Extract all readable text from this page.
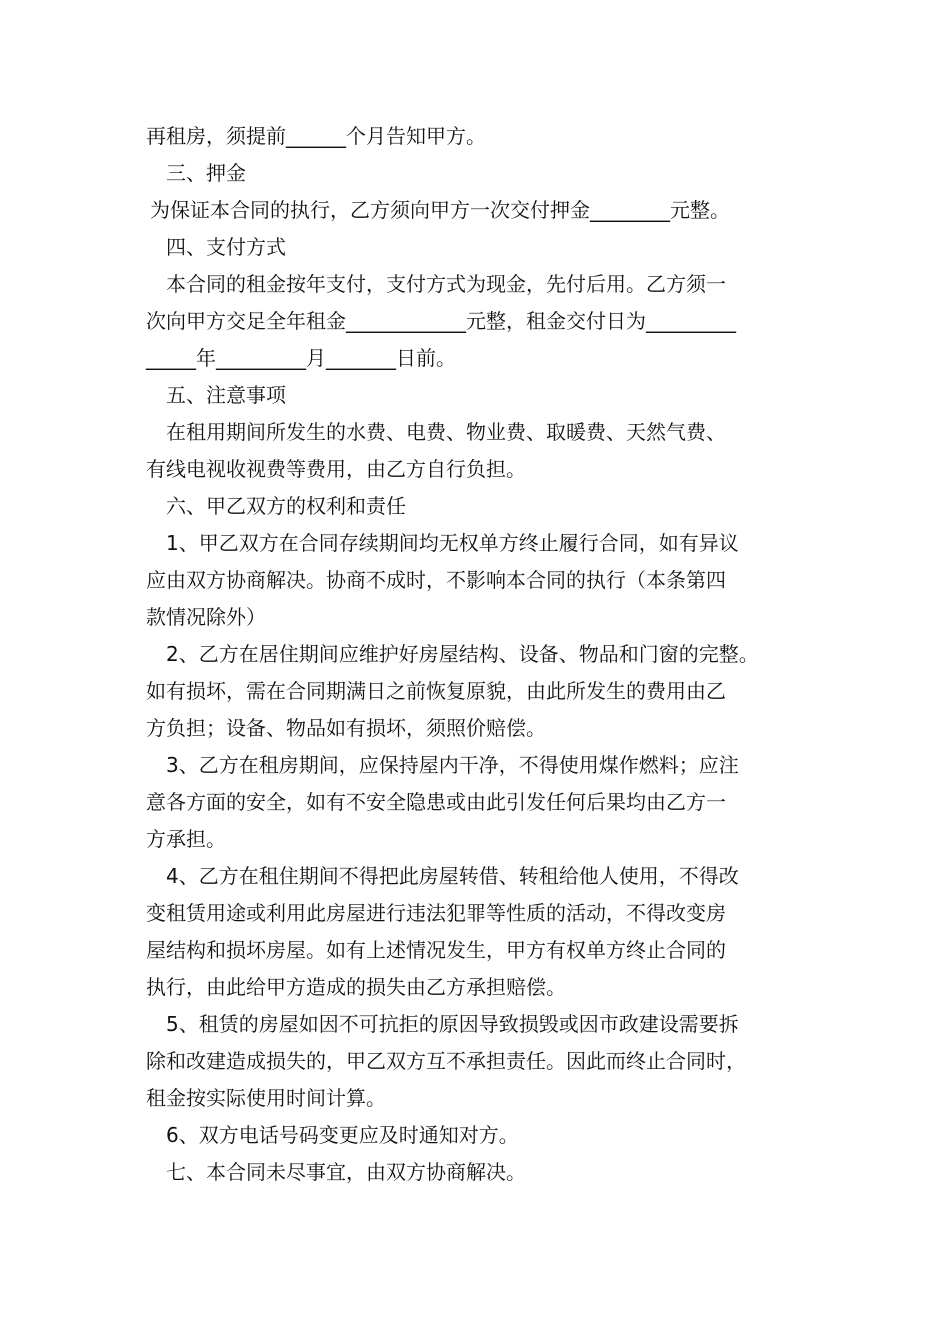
再租房，须提前______个月告知甲方。

三、押金

为保证本合同的执行，乙方须向甲方一次交付押金________元整。

四、支付方式

本合同的租金按年支付，支付方式为现金，先付后用。乙方须一

次向甲方交足全年租金____________元整，租金交付日为_________

_____年_________月_______日前。

五、注意事项

在租用期间所发生的水费、电费、物业费、取暖费、天然气费、

有线电视收视费等费用，由乙方自行负担。

六、甲乙双方的权利和责任

1、甲乙双方在合同存续期间均无权单方终止履行合同，如有异议

应由双方协商解决。协商不成时，不影响本合同的执行（本条第四

款情况除外）

2、乙方在居住期间应维护好房屋结构、设备、物品和门窗的完整。

如有损坏，需在合同期满日之前恢复原貌，由此所发生的费用由乙

方负担；设备、物品如有损坏，须照价赔偿。

3、乙方在租房期间，应保持屋内干净，不得使用煤作燃料；应注

意各方面的安全，如有不安全隐患或由此引发任何后果均由乙方一

方承担。

4、乙方在租住期间不得把此房屋转借、转租给他人使用，不得改

变租赁用途或利用此房屋进行违法犯罪等性质的活动，不得改变房

屋结构和损坏房屋。如有上述情况发生，甲方有权单方终止合同的

执行，由此给甲方造成的损失由乙方承担赔偿。

5、租赁的房屋如因不可抗拒的原因导致损毁或因市政建设需要拆

除和改建造成损失的，甲乙双方互不承担责任。因此而终止合同时，

租金按实际使用时间计算。

6、双方电话号码变更应及时通知对方。

七、本合同未尽事宜，由双方协商解决。
